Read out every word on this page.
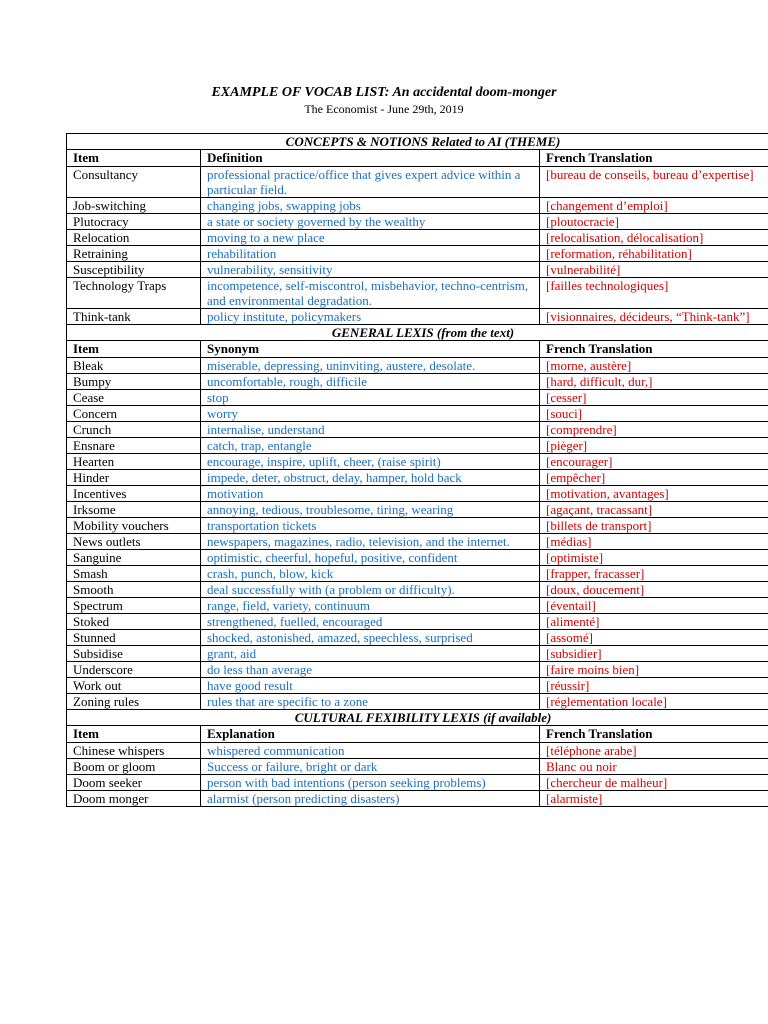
EXAMPLE OF VOCAB LIST: An accidental doom-monger
The Economist - June 29th, 2019
CONCEPTS & NOTIONS Related to AI (THEME)		
Item	Definition	French Translation
Consultancy	professional practice/office that gives expert advice within a particular field.	[bureau de conseils, bureau d’expertise]
Job-switching	changing jobs, swapping jobs	[changement d’emploi]
Plutocracy	a state or society governed by the wealthy	[ploutocracie]
Relocation	moving to a new place	[relocalisation, délocalisation]
Retraining	rehabilitation	[reformation, réhabilitation]
Susceptibility	vulnerability, sensitivity	[vulnerabilité]
Technology Traps	incompetence, self-miscontrol, misbehavior, techno-centrism, and environmental degradation.	[failles technologiques]
Think-tank	policy institute, policymakers	[visionnaires, décideurs, “Think-tank”]
GENERAL LEXIS (from the text)		
Item	Synonym	French Translation
Bleak	miserable, depressing, uninviting, austere, desolate.	[morne, austère]
Bumpy	uncomfortable, rough, difficile	[hard, difficult, dur,]
Cease	stop	[cesser]
Concern	worry	[souci]
Crunch	internalise, understand	[comprendre]
Ensnare	catch, trap, entangle	[pièger]
Hearten	encourage, inspire, uplift, cheer, (raise spirit)	[encourager]
Hinder	impede, deter, obstruct, delay, hamper, hold back	[empêcher]
Incentives	motivation	[motivation, avantages]
Irksome	annoying, tedious, troublesome, tiring, wearing	[agaçant, tracassant]
Mobility vouchers	transportation tickets	[billets de transport]
News outlets	newspapers, magazines, radio, television, and the internet.	[médias]
Sanguine	optimistic, cheerful, hopeful, positive, confident	[optimiste]
Smash	crash, punch, blow, kick	[frapper, fracasser]
Smooth	deal successfully with (a problem or difficulty).	[doux, doucement]
Spectrum	range, field, variety, continuum	[éventail]
Stoked	strengthened, fuelled, encouraged	[alimenté]
Stunned	shocked, astonished, amazed, speechless, surprised	[assomé]
Subsidise	grant, aid	[subsidier]
Underscore	do less than average	[faire moins bien]
Work out	have good result	[réussir]
Zoning rules	rules that are specific to a zone	[réglementation locale]
CULTURAL FEXIBILITY LEXIS (if available)		
Item	Explanation	French Translation
Chinese whispers	whispered communication	[téléphone arabe]
Boom or gloom	Success or failure, bright or dark	Blanc ou noir
Doom seeker	person with bad intentions (person seeking problems)	[chercheur de malheur]
Doom monger	alarmist (person predicting disasters)	[alarmiste]
